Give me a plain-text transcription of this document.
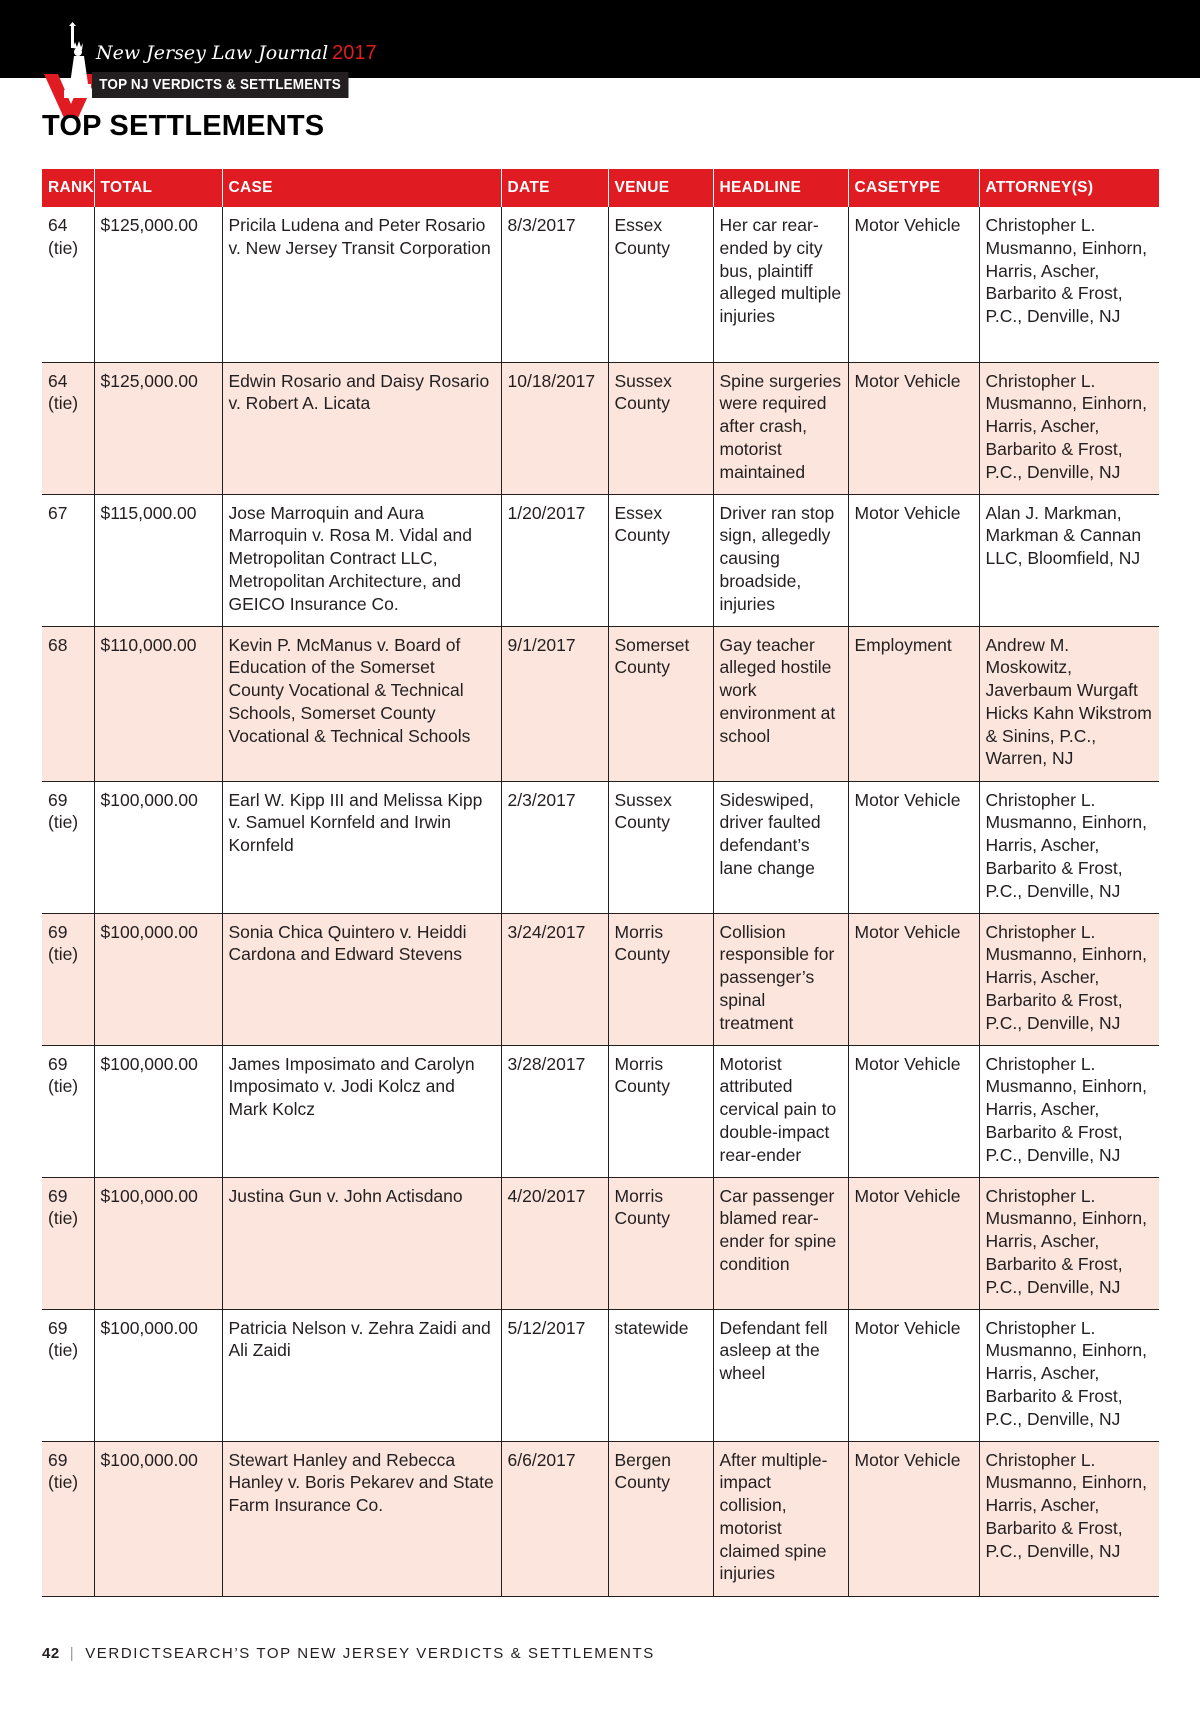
New Jersey Law Journal 2017
TOP NJ VERDICTS & SETTLEMENTS
TOP SETTLEMENTS
RANK	TOTAL	CASE	DATE	VENUE	HEADLINE	CASETYPE	ATTORNEY(S)
64 (tie)	$125,000.00	Pricila Ludena and Peter Rosario v. New Jersey Transit Corporation	8/3/2017	Essex County	Her car rear-ended by city bus, plaintiff alleged multiple injuries	Motor Vehicle	Christopher L. Musmanno, Einhorn, Harris, Ascher, Barbarito & Frost, P.C., Denville, NJ
64 (tie)	$125,000.00	Edwin Rosario and Daisy Rosario v. Robert A. Licata	10/18/2017	Sussex County	Spine surgeries were required after crash, motorist maintained	Motor Vehicle	Christopher L. Musmanno, Einhorn, Harris, Ascher, Barbarito & Frost, P.C., Denville, NJ
67	$115,000.00	Jose Marroquin and Aura Marroquin v. Rosa M. Vidal and Metropolitan Contract LLC, Metropolitan Architecture, and GEICO Insurance Co.	1/20/2017	Essex County	Driver ran stop sign, allegedly causing broadside, injuries	Motor Vehicle	Alan J. Markman, Markman & Cannan LLC, Bloomfield, NJ
68	$110,000.00	Kevin P. McManus v. Board of Education of the Somerset County Vocational & Technical Schools, Somerset County Vocational & Technical Schools	9/1/2017	Somerset County	Gay teacher alleged hostile work environment at school	Employment	Andrew M. Moskowitz, Javerbaum Wurgaft Hicks Kahn Wikstrom & Sinins, P.C., Warren, NJ
69 (tie)	$100,000.00	Earl W. Kipp III and Melissa Kipp v. Samuel Kornfeld and Irwin Kornfeld	2/3/2017	Sussex County	Sideswiped, driver faulted defendant’s lane change	Motor Vehicle	Christopher L. Musmanno, Einhorn, Harris, Ascher, Barbarito & Frost, P.C., Denville, NJ
69 (tie)	$100,000.00	Sonia Chica Quintero v. Heiddi Cardona and Edward Stevens	3/24/2017	Morris County	Collision responsible for passenger’s spinal treatment	Motor Vehicle	Christopher L. Musmanno, Einhorn, Harris, Ascher, Barbarito & Frost, P.C., Denville, NJ
69 (tie)	$100,000.00	James Imposimato and Carolyn Imposimato v. Jodi Kolcz and Mark Kolcz	3/28/2017	Morris County	Motorist attributed cervical pain to double-impact rear-ender	Motor Vehicle	Christopher L. Musmanno, Einhorn, Harris, Ascher, Barbarito & Frost, P.C., Denville, NJ
69 (tie)	$100,000.00	Justina Gun v. John Actisdano	4/20/2017	Morris County	Car passenger blamed rear-ender for spine condition	Motor Vehicle	Christopher L. Musmanno, Einhorn, Harris, Ascher, Barbarito & Frost, P.C., Denville, NJ
69 (tie)	$100,000.00	Patricia Nelson v. Zehra Zaidi and Ali Zaidi	5/12/2017	statewide	Defendant fell asleep at the wheel	Motor Vehicle	Christopher L. Musmanno, Einhorn, Harris, Ascher, Barbarito & Frost, P.C., Denville, NJ
69 (tie)	$100,000.00	Stewart Hanley and Rebecca Hanley v. Boris Pekarev and State Farm Insurance Co.	6/6/2017	Bergen County	After multiple-impact collision, motorist claimed spine injuries	Motor Vehicle	Christopher L. Musmanno, Einhorn, Harris, Ascher, Barbarito & Frost, P.C., Denville, NJ
42 | VERDICTSEARCH’S TOP NEW JERSEY VERDICTS & SETTLEMENTS
